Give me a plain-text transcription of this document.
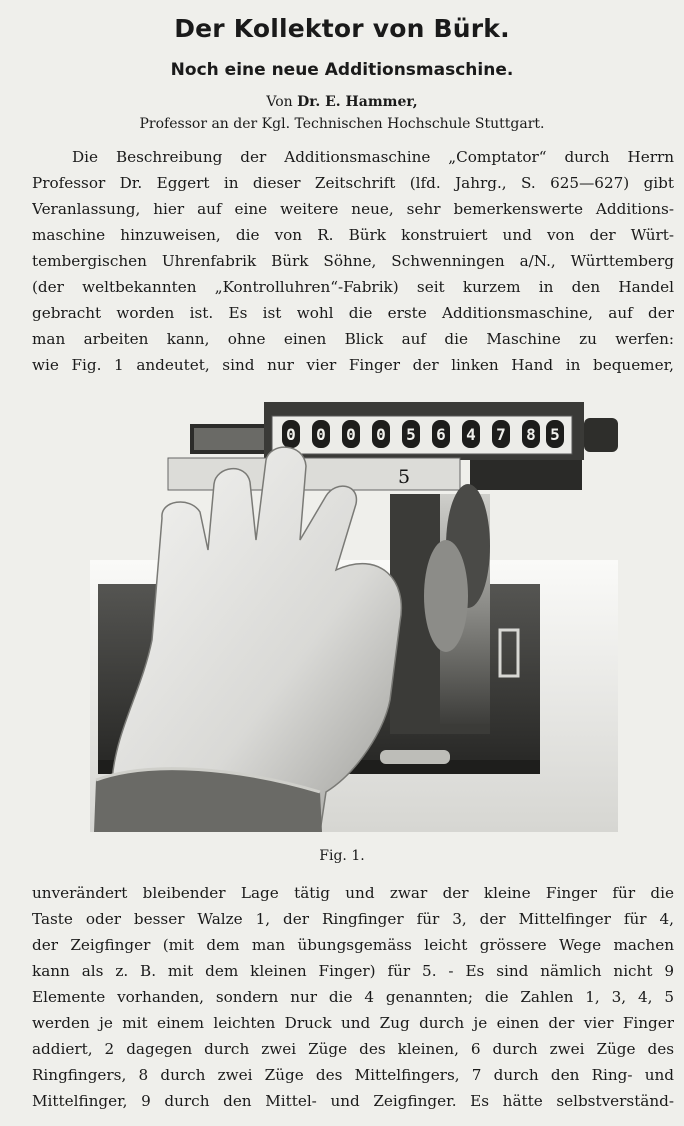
Der Kollektor von Bürk.
Noch eine neue Additionsmaschine.
Von Dr. E. Hammer,
Professor an der Kgl. Technischen Hochschule Stuttgart.
Die Beschreibung der Additionsmaschine „Comptator“ durch Herrn
Professor Dr. Eggert in dieser Zeitschrift (lfd. Jahrg., S. 625—627) gibt
Veranlassung, hier auf eine weitere neue, sehr bemerkenswerte Additions-
maschine hinzuweisen, die von R. Bürk konstruiert und von der Würt-
tembergischen Uhrenfabrik Bürk Söhne, Schwenningen a/N., Württemberg
(der weltbekannten „Kontrolluhren“-Fabrik) seit kurzem in den Handel
gebracht worden ist. Es ist wohl die erste Additionsmaschine, auf der
man arbeiten kann, ohne einen Blick auf die Maschine zu werfen:
wie Fig. 1 andeutet, sind nur vier Finger der linken Hand in bequemer,
0 0 0 0 5 6 4 7 8 5
5
Fig. 1.
unverändert bleibender Lage tätig und zwar der kleine Finger für die
Taste oder besser Walze 1, der Ringfinger für 3, der Mittelfinger für 4,
der Zeigfinger (mit dem man übungsgemäss leicht grössere Wege machen
kann als z. B. mit dem kleinen Finger) für 5. - Es sind nämlich nicht 9
Elemente vorhanden, sondern nur die 4 genannten; die Zahlen 1, 3, 4, 5
werden je mit einem leichten Druck und Zug durch je einen der vier Finger
addiert, 2 dagegen durch zwei Züge des kleinen, 6 durch zwei Züge des
Ringfingers, 8 durch zwei Züge des Mittelfingers, 7 durch den Ring- und
Mittelfinger, 9 durch den Mittel- und Zeigfinger. Es hätte selbstverständ-
